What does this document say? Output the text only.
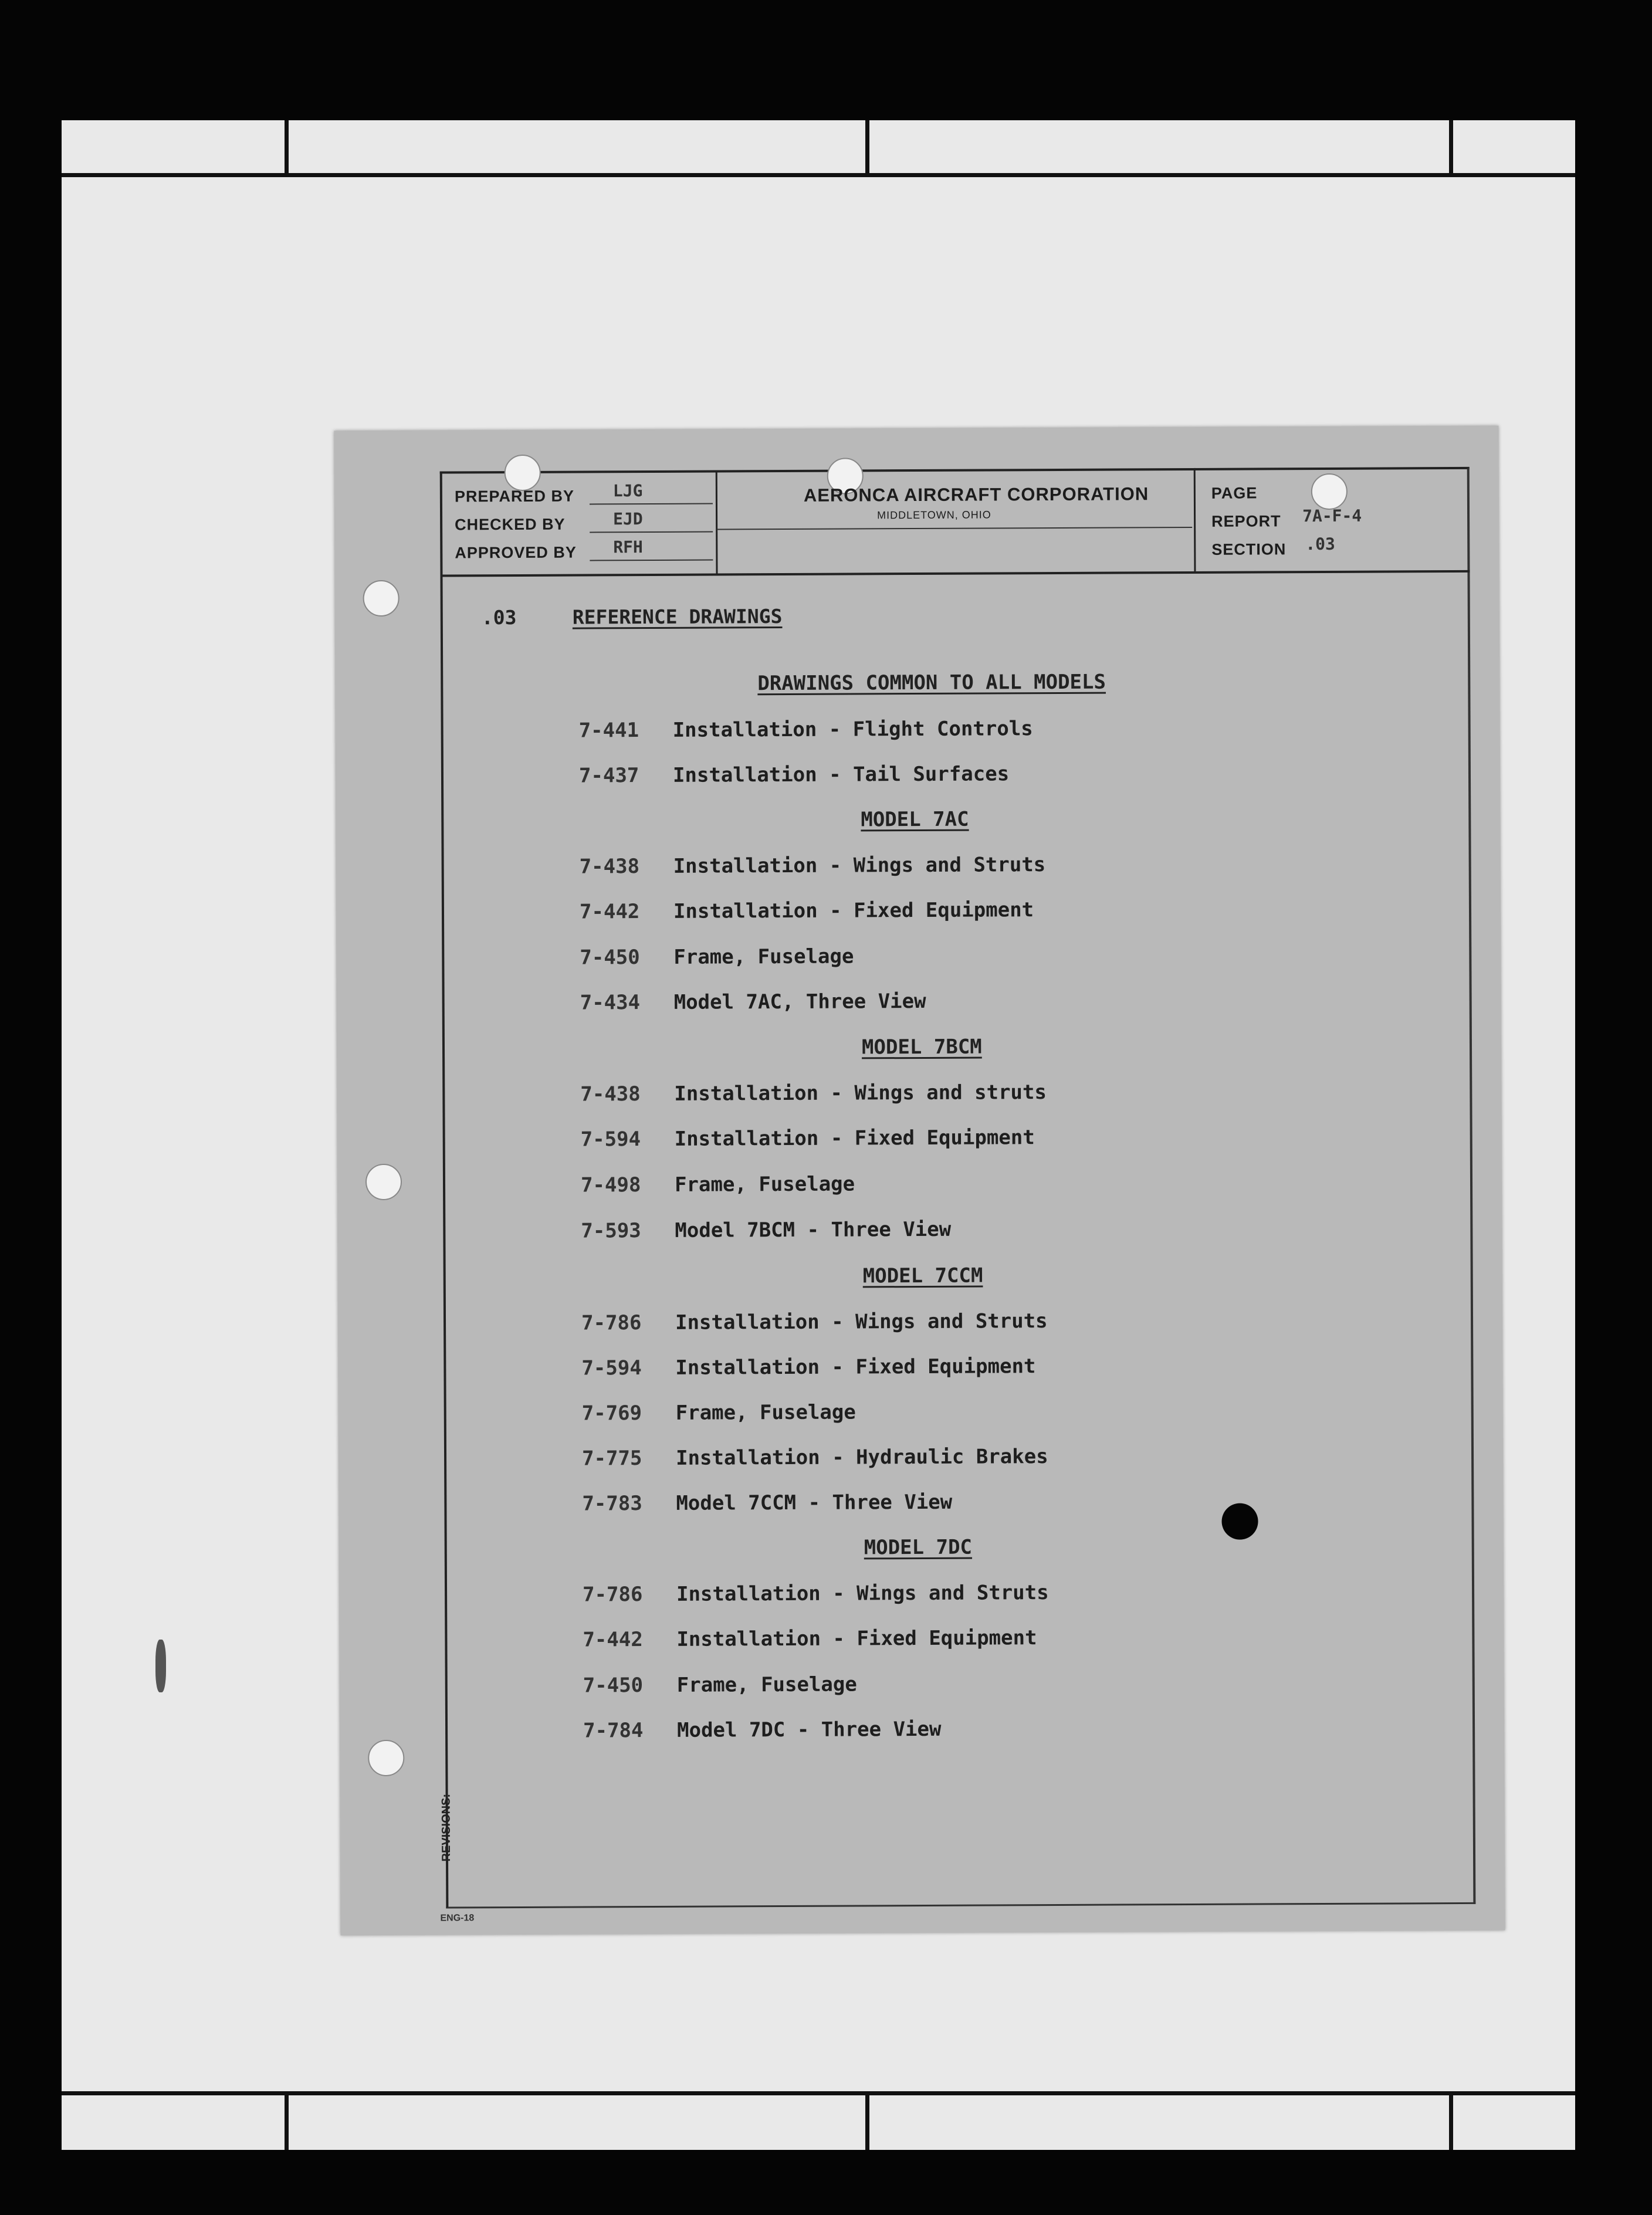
PREPARED BY LJG
CHECKED BY	EJD
APPROVED BY RFH
AERONCA AIRCRAFT CORPORATION
MIDDLETOWN, OHIO
PAGE
REPORT 7A-F-4
SECTION .03
.03	REFERENCE DRAWINGS
DRAWINGS COMMON TO ALL MODELS
MODEL 7AC
MODEL 7BCM
MODEL 7CCM
MODEL 7DC
7-441 Installation - Flight Controls
7-437 Installation - Tail Surfaces
7-438 Installation - Wings and Struts
7-442 Installation - Fixed Equipment
7-450 Frame, Fuselage
7-434 Model 7AC, Three View
7-438 Installation - Wings and struts
7-594 Installation - Fixed Equipment
7-498 Frame, Fuselage
7-593 Model 7BCM - Three View
7-786 Installation - Wings and Struts
7-594 Installation - Fixed Equipment
7-769 Frame, Fuselage
7-775 Installation - Hydraulic Brakes
7-783 Model 7CCM - Three View
7-786 Installation - Wings and Struts
7-442 Installation - Fixed Equipment
7-450 Frame, Fuselage
7-784 Model 7DC - Three View
REVISIONS:
ENG-18
